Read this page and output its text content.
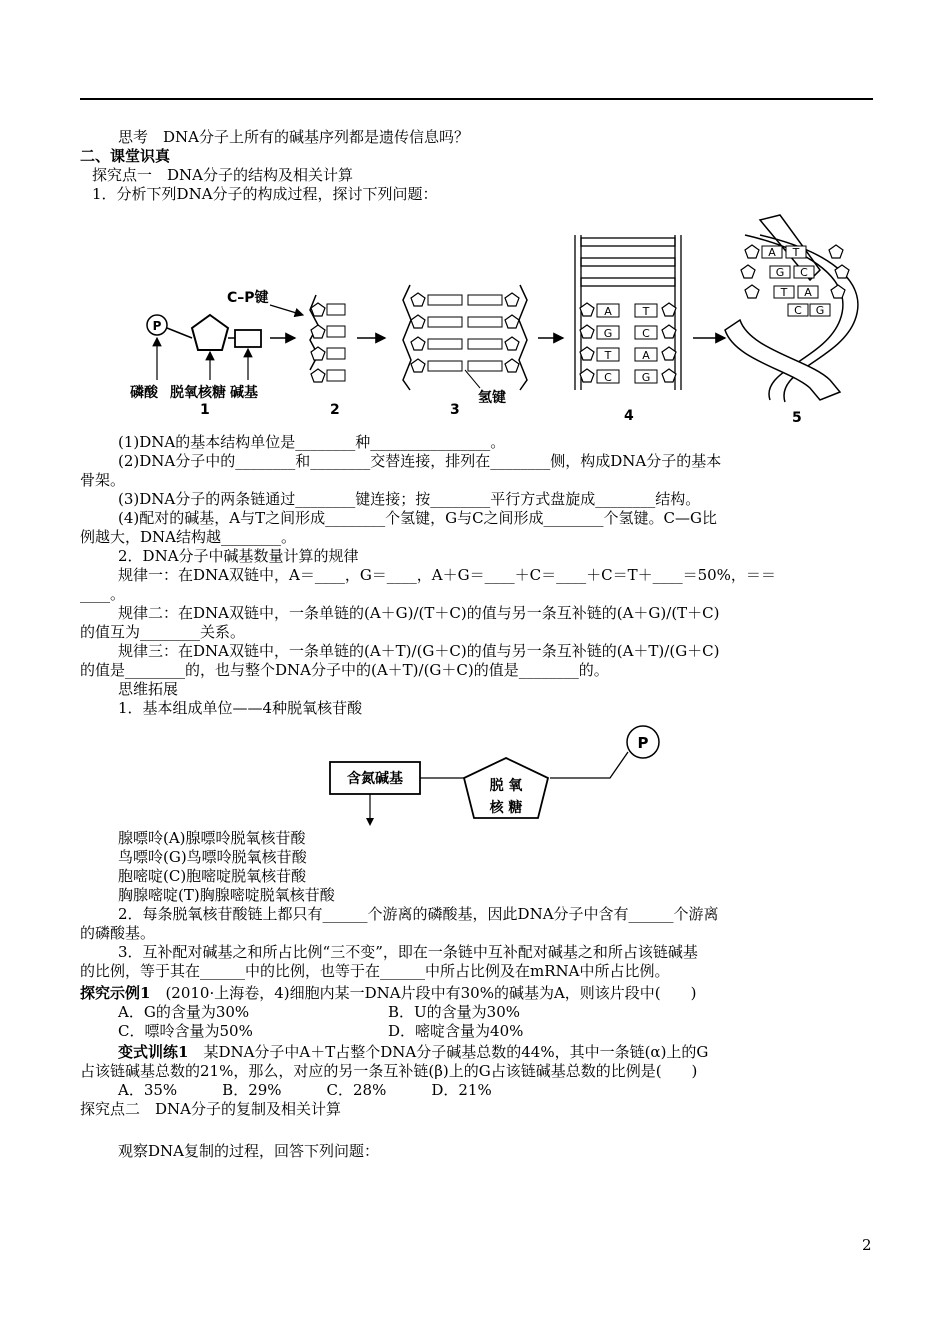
思考　DNA分子上所有的碱基序列都是遗传信息吗？
二、课堂识真
探究点一　DNA分子的结构及相关计算
1．分析下列DNA分子的构成过程，探讨下列问题：
P
磷酸 脱氧核糖 碱基
1
C–P键
2
氢键
3
A	T
G	C
T	A
C	G
4
A T
G C
T A
C G
5
(1)DNA的基本结构单位是________种________________。
(2)DNA分子中的________和________交替连接，排列在________侧，构成DNA分子的基本
骨架。
(3)DNA分子的两条链通过________键连接；按________平行方式盘旋成________结构。
(4)配对的碱基，A与T之间形成________个氢键，G与C之间形成________个氢键。C—G比
例越大，DNA结构越________。
2．DNA分子中碱基数量计算的规律
规律一：在DNA双链中，A＝____，G＝____，A＋G＝____＋C＝____＋C＝T＋____＝50%，＝＝
____。
规律二：在DNA双链中，一条单链的(A＋G)/(T＋C)的值与另一条互补链的(A＋G)/(T＋C)
的值互为________关系。
规律三：在DNA双链中，一条单链的(A＋T)/(G＋C)的值与另一条互补链的(A＋T)/(G＋C)
的值是________的，也与整个DNA分子中的(A＋T)/(G＋C)的值是________的。
思维拓展
1．基本组成单位——4种脱氧核苷酸
P
脱 氧
核 糖
含氮碱基
腺嘌呤(A)腺嘌呤脱氧核苷酸
鸟嘌呤(G)鸟嘌呤脱氧核苷酸
胞嘧啶(C)胞嘧啶脱氧核苷酸
胸腺嘧啶(T)胸腺嘧啶脱氧核苷酸
2．每条脱氧核苷酸链上都只有______个游离的磷酸基，因此DNA分子中含有______个游离
的磷酸基。
3．互补配对碱基之和所占比例“三不变”，即在一条链中互补配对碱基之和所占该链碱基
的比例，等于其在______中的比例，也等于在______中所占比例及在mRNA中所占比例。
探究示例1　(2010·上海卷，4)细胞内某一DNA片段中有30%的碱基为A，则该片段中(　　)
A．G的含量为30%	B．U的含量为30%
C．嘌呤含量为50%	D．嘧啶含量为40%
变式训练1　某DNA分子中A＋T占整个DNA分子碱基总数的44%，其中一条链(α)上的G
占该链碱基总数的21%，那么，对应的另一条互补链(β)上的G占该链碱基总数的比例是(　　)
A．35%　　　B．29%　　　C．28%　　　D．21%
探究点二　DNA分子的复制及相关计算
观察DNA复制的过程，回答下列问题：
2
